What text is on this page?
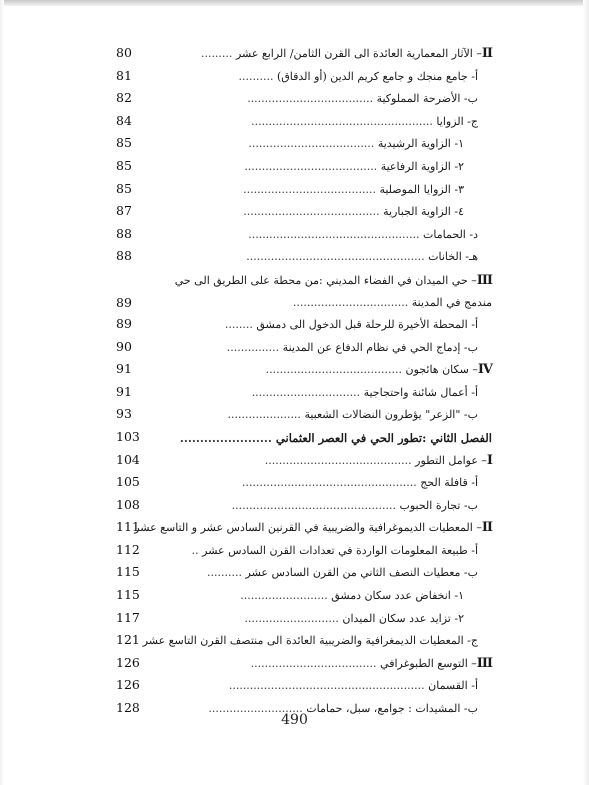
II– الآثار المعمارية العائدة الى القرن الثامن/ الرابع عشر .........
80
أ- جامع منجك و جامع كريم الدين (أو الدقاق) ..........
81
ب- الأضرحة المملوكية ....................................
82
ج- الزوايا ....................................................
84
١- الزاوية الرشيدية ....................................
85
٢- الزاوية الرفاعية ......................................
85
٣- الزوايا الموصلية ......................................
85
٤- الزاوية الجبارية .......................................
87
د- الحمامات .................................................
88
هـ- الخانات ...................................................
88
III– حي الميدان في الفضاء المديني :من محطة على الطريق الى حي مندمج في المدينة .................................
89
أ- المحطة الأخيرة للرحلة قبل الدخول الى دمشق ........
89
ب- إدماج الحي في نظام الدفاع عن المدينة ...............
90
IV– سكان هائجون .......................................
91
أ- أعمال شائنة واحتجاجية ...............................
91
ب- "الزعر" يؤطرون النضالات الشعبية .....................
93
الفصل الثاني :تطور الحي في العصر العثماني .......................
103
I– عوامل التطور ..........................................
104
أ- قافلة الحج ..................................................
105
ب- تجارة الحبوب ...............................................
108
II– المعطيات الديموغرافية والضريبية في القرنين السادس عشر و التاسع عشر
111
أ- طبيعة المعلومات الواردة في تعدادات القرن السادس عشر ..
112
ب- معطيات النصف الثاني من القرن السادس عشر ..........
115
١- انخفاض عدد سكان دمشق .........................
115
٢- تزايد عدد سكان الميدان ...........................
117
ج- المعطيات الديمغرافية والضريبية العائدة الى منتصف القرن التاسع عشر
121
III– التوسع الطبوغرافي ....................................
126
أ- القسمان ........................................................
126
ب- المشيدات : جوامع، سبل، حمامات ...........................
128
490
